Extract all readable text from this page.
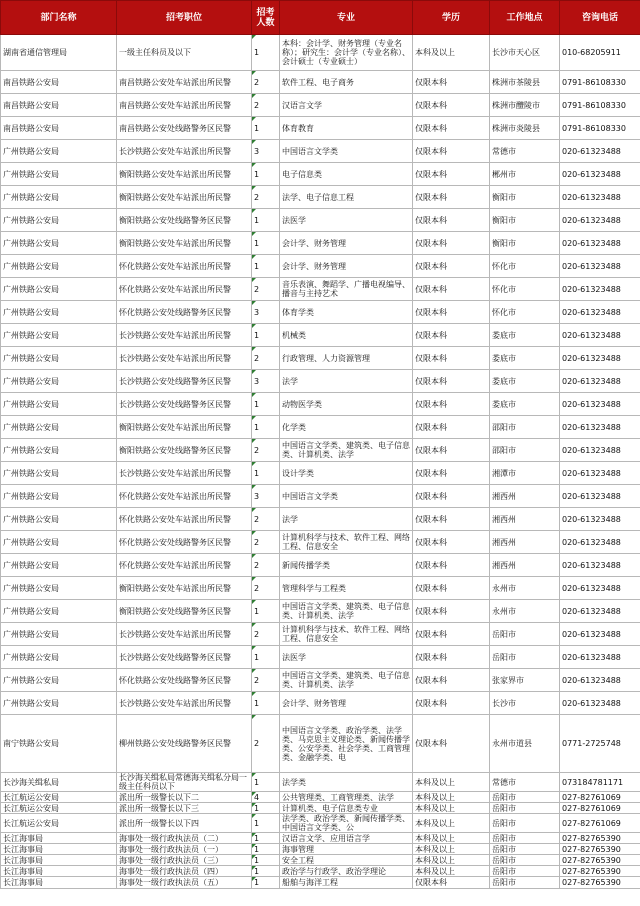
部门名称	招考职位	招考人数	专业	学历	工作地点	咨询电话
湖南省通信管理局	一级主任科员及以下	1	本科：会计学、财务管理（专业名称）；研究生：会计学（专业名称）、会计硕士（专业硕士）	本科及以上	长沙市天心区	010-68205911
南昌铁路公安局	南昌铁路公安处车站派出所民警	2	软件工程、电子商务	仅限本科	株洲市茶陵县	0791-86108330
南昌铁路公安局	南昌铁路公安处车站派出所民警	2	汉语言文学	仅限本科	株洲市醴陵市	0791-86108330
南昌铁路公安局	南昌铁路公安处线路警务区民警	1	体育教育	仅限本科	株洲市炎陵县	0791-86108330
广州铁路公安局	长沙铁路公安处车站派出所民警	3	中国语言文学类	仅限本科	常德市	020-61323488
广州铁路公安局	衡阳铁路公安处车站派出所民警	1	电子信息类	仅限本科	郴州市	020-61323488
广州铁路公安局	衡阳铁路公安处车站派出所民警	2	法学、电子信息工程	仅限本科	衡阳市	020-61323488
广州铁路公安局	衡阳铁路公安处线路警务区民警	1	法医学	仅限本科	衡阳市	020-61323488
广州铁路公安局	衡阳铁路公安处车站派出所民警	1	会计学、财务管理	仅限本科	衡阳市	020-61323488
广州铁路公安局	怀化铁路公安处车站派出所民警	1	会计学、财务管理	仅限本科	怀化市	020-61323488
广州铁路公安局	怀化铁路公安处车站派出所民警	2	音乐表演、舞蹈学、广播电视编导、播音与主持艺术	仅限本科	怀化市	020-61323488
广州铁路公安局	怀化铁路公安处线路警务区民警	3	体育学类	仅限本科	怀化市	020-61323488
广州铁路公安局	长沙铁路公安处车站派出所民警	1	机械类	仅限本科	娄底市	020-61323488
广州铁路公安局	长沙铁路公安处车站派出所民警	2	行政管理、人力资源管理	仅限本科	娄底市	020-61323488
广州铁路公安局	长沙铁路公安处线路警务区民警	3	法学	仅限本科	娄底市	020-61323488
广州铁路公安局	长沙铁路公安处线路警务区民警	1	动物医学类	仅限本科	娄底市	020-61323488
广州铁路公安局	衡阳铁路公安处车站派出所民警	1	化学类	仅限本科	邵阳市	020-61323488
广州铁路公安局	衡阳铁路公安处线路警务区民警	2	中国语言文学类、建筑类、电子信息类、计算机类、法学	仅限本科	邵阳市	020-61323488
广州铁路公安局	长沙铁路公安处车站派出所民警	1	设计学类	仅限本科	湘潭市	020-61323488
广州铁路公安局	怀化铁路公安处车站派出所民警	3	中国语言文学类	仅限本科	湘西州	020-61323488
广州铁路公安局	怀化铁路公安处车站派出所民警	2	法学	仅限本科	湘西州	020-61323488
广州铁路公安局	怀化铁路公安处线路警务区民警	2	计算机科学与技术、软件工程、网络工程、信息安全	仅限本科	湘西州	020-61323488
广州铁路公安局	怀化铁路公安处车站派出所民警	2	新闻传播学类	仅限本科	湘西州	020-61323488
广州铁路公安局	衡阳铁路公安处车站派出所民警	2	管理科学与工程类	仅限本科	永州市	020-61323488
广州铁路公安局	衡阳铁路公安处线路警务区民警	1	中国语言文学类、建筑类、电子信息类、计算机类、法学	仅限本科	永州市	020-61323488
广州铁路公安局	长沙铁路公安处车站派出所民警	2	计算机科学与技术、软件工程、网络工程、信息安全	仅限本科	岳阳市	020-61323488
广州铁路公安局	长沙铁路公安处线路警务区民警	1	法医学	仅限本科	岳阳市	020-61323488
广州铁路公安局	怀化铁路公安处线路警务区民警	2	中国语言文学类、建筑类、电子信息类、计算机类、法学	仅限本科	张家界市	020-61323488
广州铁路公安局	长沙铁路公安处车站派出所民警	1	会计学、财务管理	仅限本科	长沙市	020-61323488
南宁铁路公安局	柳州铁路公安处线路警务区民警	2	中国语言文学类、政治学类、法学类、马克思主义理论类、新闻传播学类、公安学类、社会学类、工商管理类、金融学类、电	仅限本科	永州市道县	0771-2725748
长沙海关缉私局	长沙海关缉私局常德海关缉私分局一级主任科员以下	1	法学类	本科及以上	常德市	073184781171
长江航运公安局	派出所一级警长以下二	4	公共管理类、工商管理类、法学	本科及以上	岳阳市	027-82761069
长江航运公安局	派出所一级警长以下三	1	计算机类、电子信息类专业	本科及以上	岳阳市	027-82761069
长江航运公安局	派出所一级警长以下四	1	法学类、政治学类、新闻传播学类、中国语言文学类、公	本科及以上	岳阳市	027-82761069
长江海事局	海事处一级行政执法员（二）	1	汉语言文学、应用语言学	本科及以上	岳阳市	027-82765390
长江海事局	海事处一级行政执法员（一）	1	海事管理	本科及以上	岳阳市	027-82765390
长江海事局	海事处一级行政执法员（三）	1	安全工程	本科及以上	岳阳市	027-82765390
长江海事局	海事处一级行政执法员（四）	1	政治学与行政学、政治学理论	本科及以上	岳阳市	027-82765390
长江海事局	海事处一级行政执法员（五）	1	船舶与海洋工程	仅限本科	岳阳市	027-82765390
